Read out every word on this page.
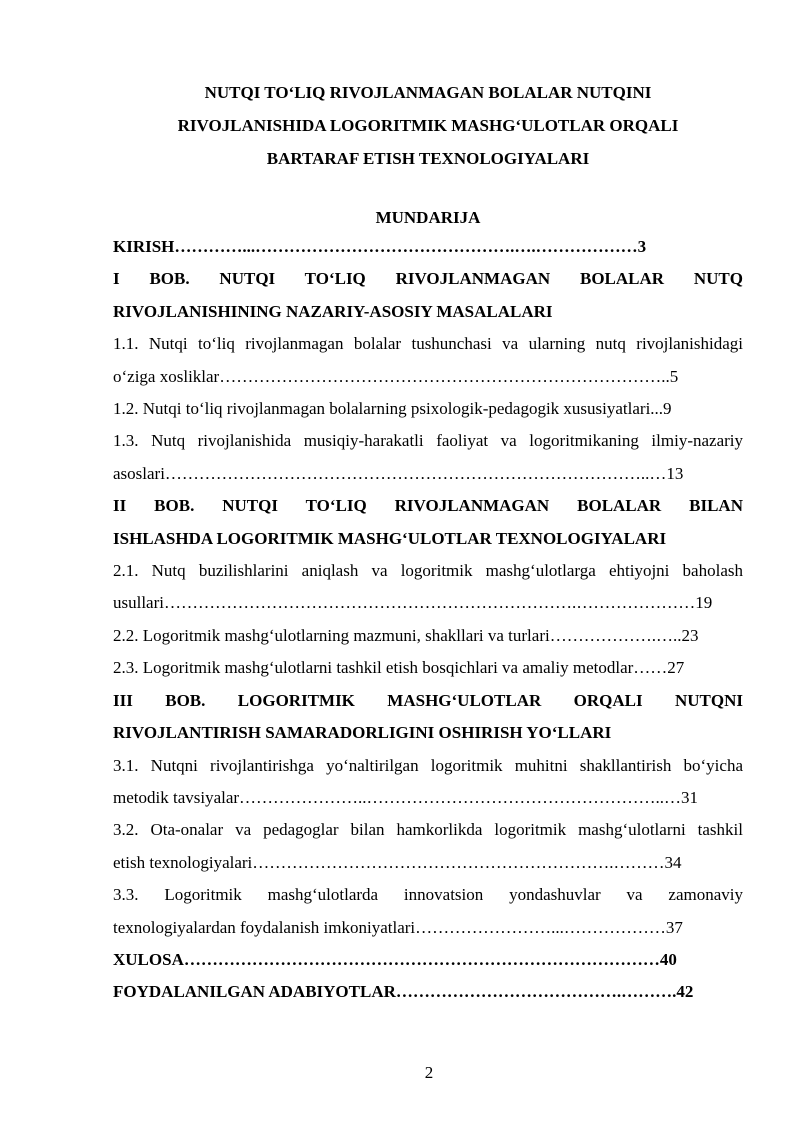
NUTQI TO‘LIQ RIVOJLANMAGAN BOLALAR NUTQINI
RIVOJLANISHIDA LOGORITMIK MASHG‘ULOTLAR ORQALI
BARTARAF ETISH TEXNOLOGIYALARI
MUNDARIJA
KIRISH…………...……………………………………….….………………3
I BOB. NUTQI TO‘LIQ RIVOJLANMAGAN BOLALAR NUTQ
RIVOJLANISHINING NAZARIY-ASOSIY MASALALARI
1.1. Nutqi to‘liq rivojlanmagan bolalar tushunchasi va ularning nutq rivojlanishidagi
o‘ziga xosliklar……………………………………………………………………..5
1.2. Nutqi to‘liq rivojlanmagan bolalarning psixologik-pedagogik xususiyatlari...9
1.3. Nutq rivojlanishida musiqiy-harakatli faoliyat va logoritmikaning ilmiy-nazariy
asoslari…………………………………………………………………………..…13
II BOB. NUTQI TO‘LIQ RIVOJLANMAGAN BOLALAR BILAN
ISHLASHDA LOGORITMIK MASHG‘ULOTLAR TEXNOLOGIYALARI
2.1. Nutq buzilishlarini aniqlash va logoritmik mashg‘ulotlarga ehtiyojni baholash
usullari……………………………………………………………….…………………19
2.2. Logoritmik mashg‘ulotlarning mazmuni, shakllari va turlari……………….…..23
2.3. Logoritmik mashg‘ulotlarni tashkil etish bosqichlari va amaliy metodlar……27
III BOB. LOGORITMIK MASHG‘ULOTLAR ORQALI NUTQNI
RIVOJLANTIRISH SAMARADORLIGINI OSHIRISH YO‘LLARI
3.1. Nutqni rivojlantirishga yo‘naltirilgan logoritmik muhitni shakllantirish bo‘yicha
metodik tavsiyalar…………………..……………………………………………..…31
3.2. Ota-onalar va pedagoglar bilan hamkorlikda logoritmik mashg‘ulotlarni tashkil
etish texnologiyalari……………………………………………………….………34
3.3. Logoritmik mashg‘ulotlarda innovatsion yondashuvlar va zamonaviy
texnologiyalardan foydalanish imkoniyatlari……………………...………………37
XULOSA…………………………………………………………………………40
FOYDALANILGAN ADABIYOTLAR………………………………….……….42
2
